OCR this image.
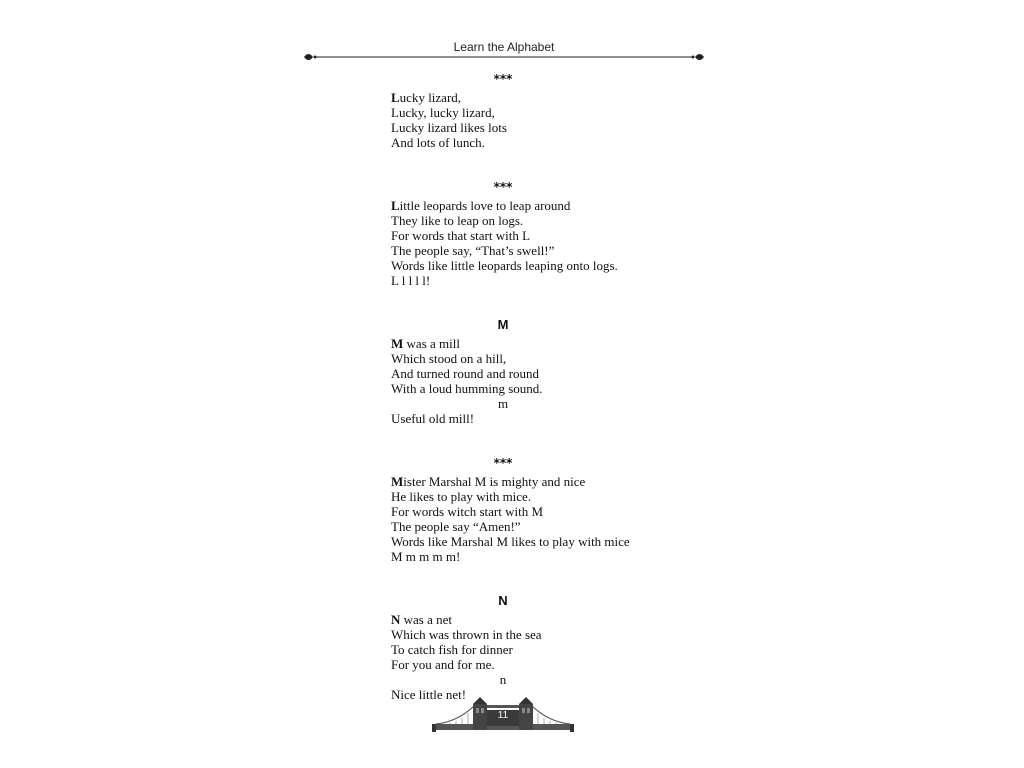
Learn the Alphabet
***
Lucky lizard,
Lucky, lucky lizard,
Lucky lizard likes lots
And lots of lunch.
***
Little leopards love to leap around
They like to leap on logs.
For words that start with L
The people say, “That’s swell!”
Words like little leopards leaping onto logs.
L l l l l!
M
M was a mill
Which stood on a hill,
And turned round and round
With a loud humming sound.
m
Useful old mill!
***
Mister Marshal M is mighty and nice
He likes to play with mice.
For words witch start with M
The people say “Amen!”
Words like Marshal M likes to play with mice
M m m m m!
N
N was a net
Which was thrown in the sea
To catch fish for dinner
For you and for me.
n
Nice little net!
11
